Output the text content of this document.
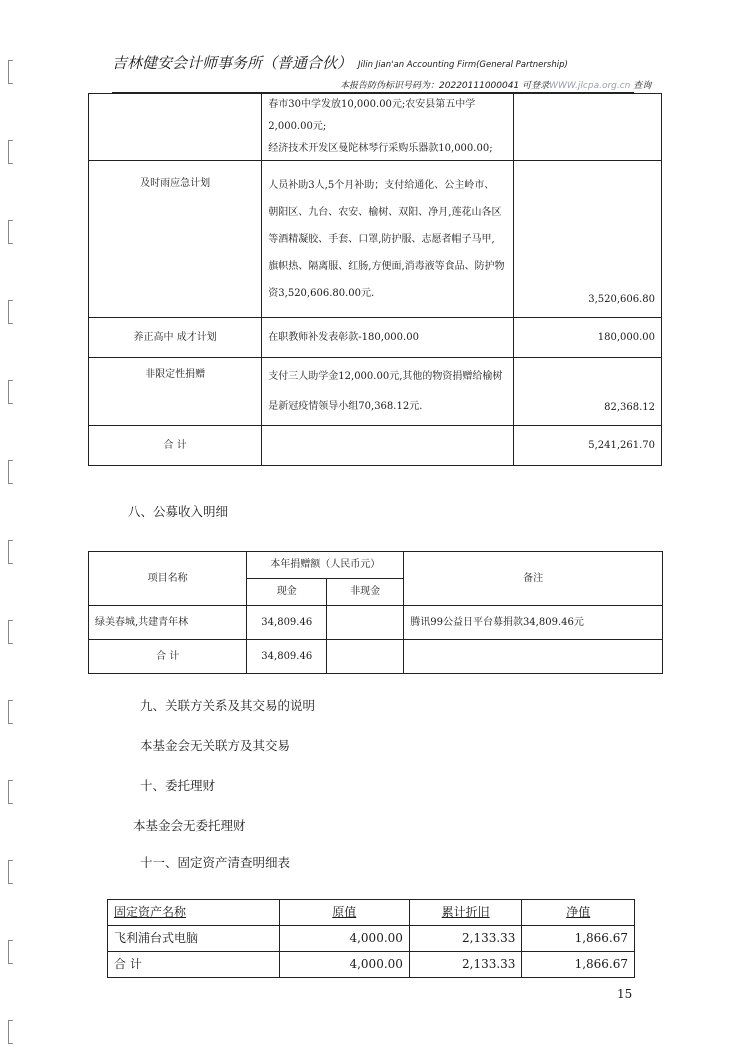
吉林健安会计师事务所（普通合伙） Jilin Jian'an Accounting Firm(General Partnership)
本报告防伪标识号码为：20220111000041 可登录WWW.jlcpa.org.cn 查询

	春市30中学发放10,000.00元;农安县第五中学2,000.00元;
经济技术开发区曼陀林琴行采购乐器款10,000.00;	

及时雨应急计划	人员补助3人,5个月补助；支付给通化、公主岭市、
朝阳区、九台、农安、榆树、双阳、净月,莲花山各区
等酒精凝胶、手套、口罩,防护服、志愿者帽子马甲,
旗帜热、隔离服、红肠,方便面,消毒液等食品、防护物
资3,520,606.80.00元.	3,520,606.80
养正高中 成才计划	在职教师补发表彰款-180,000.00	180,000.00
非限定性捐赠	支付三人助学金12,000.00元,其他的物资捐赠给榆树
是新冠疫情领导小组70,368.12元.	82,368.12
合 计		5,241,261.70
八、公募收入明细
项目名称	本年捐赠额（人民币元）		备注
	现金	非现金	
绿美春城,共建青年林	34,809.46		腾讯99公益日平台募捐款34,809.46元
合 计	34,809.46		
九、关联方关系及其交易的说明
本基金会无关联方及其交易
十、委托理财
本基金会无委托理财
十一、固定资产清查明细表
固定资产名称	原值	累计折旧	净值
飞利浦台式电脑	4,000.00	2,133.33	1,866.67
合 计	4,000.00	2,133.33	1,866.67
15
